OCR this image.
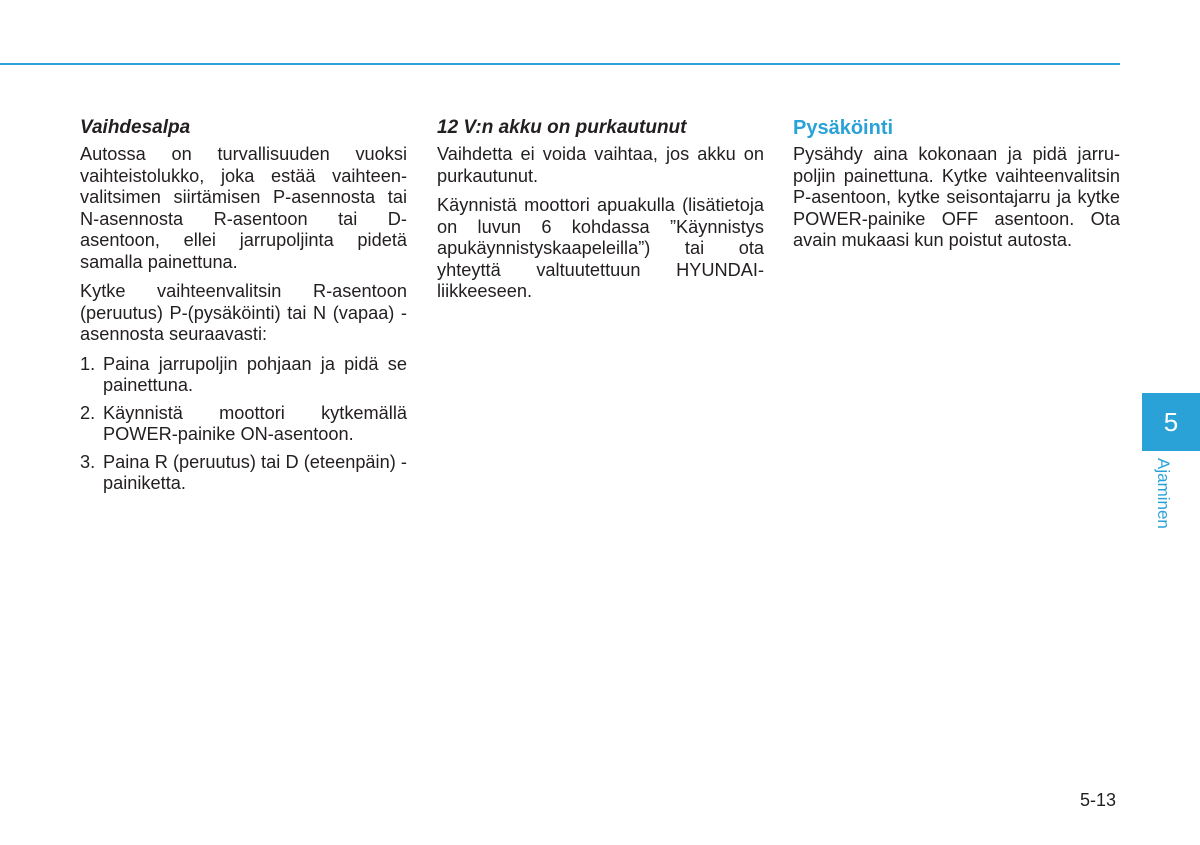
Vaihdesalpa

Autossa on turvallisuuden vuoksi vaihteistolukko, joka estää vaihteenvalitsimen siirtämisen P-asennosta tai N-asennosta R-asentoon tai D-asentoon, ellei jarrupoljinta pidetä samalla painettuna.

Kytke vaihteenvalitsin R-asentoon (peruutus) P-(pysäköinti) tai N (vapaa) -asennosta seuraavasti:

1. Paina jarrupoljin pohjaan ja pidä se painettuna.
2. Käynnistä moottori kytkemällä POWER-painike ON-asentoon.
3. Paina R (peruutus) tai D (eteenpäin) -painiketta.
12 V:n akku on purkautunut

Vaihdetta ei voida vaihtaa, jos akku on purkautunut.

Käynnistä moottori apuakulla (lisätietoja on luvun 6 kohdassa ”Käynnistys apukäynnistyskaapeleilla”) tai ota yhteyttä valtuutettuun HYUNDAI-liikkeeseen.

Pysäköinti

Pysähdy aina kokonaan ja pidä jarrupoljin painettuna. Kytke vaihteenvalitsin P-asentoon, kytke seisontajarru ja kytke POWER-painike OFF asentoon. Ota avain mukaasi kun poistut autosta.

5
Ajaminen
5-13
